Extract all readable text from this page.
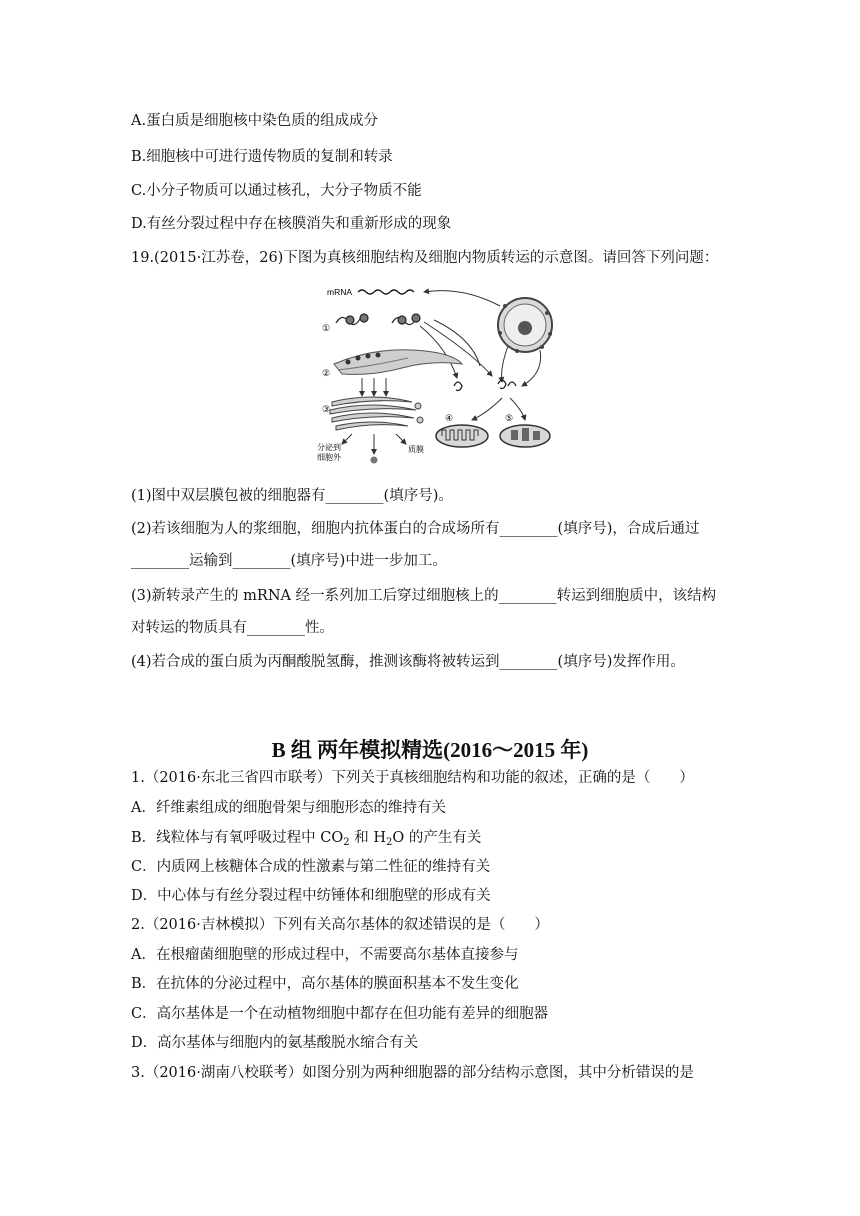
A.蛋白质是细胞核中染色质的组成成分
B.细胞核中可进行遗传物质的复制和转录
C.小分子物质可以通过核孔，大分子物质不能
D.有丝分裂过程中存在核膜消失和重新形成的现象
19.(2015·江苏卷，26)下图为真核细胞结构及细胞内物质转运的示意图。请回答下列问题：
mRNA
①
②
③
分泌到
细胞外
质膜
④	⑤
(1)图中双层膜包被的细胞器有________(填序号)。
(2)若该细胞为人的浆细胞，细胞内抗体蛋白的合成场所有________(填序号)，合成后通过
________运输到________(填序号)中进一步加工。
(3)新转录产生的 mRNA 经一系列加工后穿过细胞核上的________转运到细胞质中，该结构
对转运的物质具有________性。
(4)若合成的蛋白质为丙酮酸脱氢酶，推测该酶将被转运到________(填序号)发挥作用。
B 组 两年模拟精选(2016～2015 年)
1.（2016·东北三省四市联考）下列关于真核细胞结构和功能的叙述，正确的是（　　）
A．纤维素组成的细胞骨架与细胞形态的维持有关
B．线粒体与有氧呼吸过程中 $CO_2$ 和 $H_2O$ 的产生有关
C．内质网上核糖体合成的性激素与第二性征的维持有关
D．中心体与有丝分裂过程中纺锤体和细胞壁的形成有关
2.（2016·吉林模拟）下列有关高尔基体的叙述错误的是（　　）
A．在根瘤菌细胞壁的形成过程中，不需要高尔基体直接参与
B．在抗体的分泌过程中，高尔基体的膜面积基本不发生变化
C．高尔基体是一个在动植物细胞中都存在但功能有差异的细胞器
D．高尔基体与细胞内的氨基酸脱水缩合有关
3.（2016·湖南八校联考）如图分别为两种细胞器的部分结构示意图，其中分析错误的是
